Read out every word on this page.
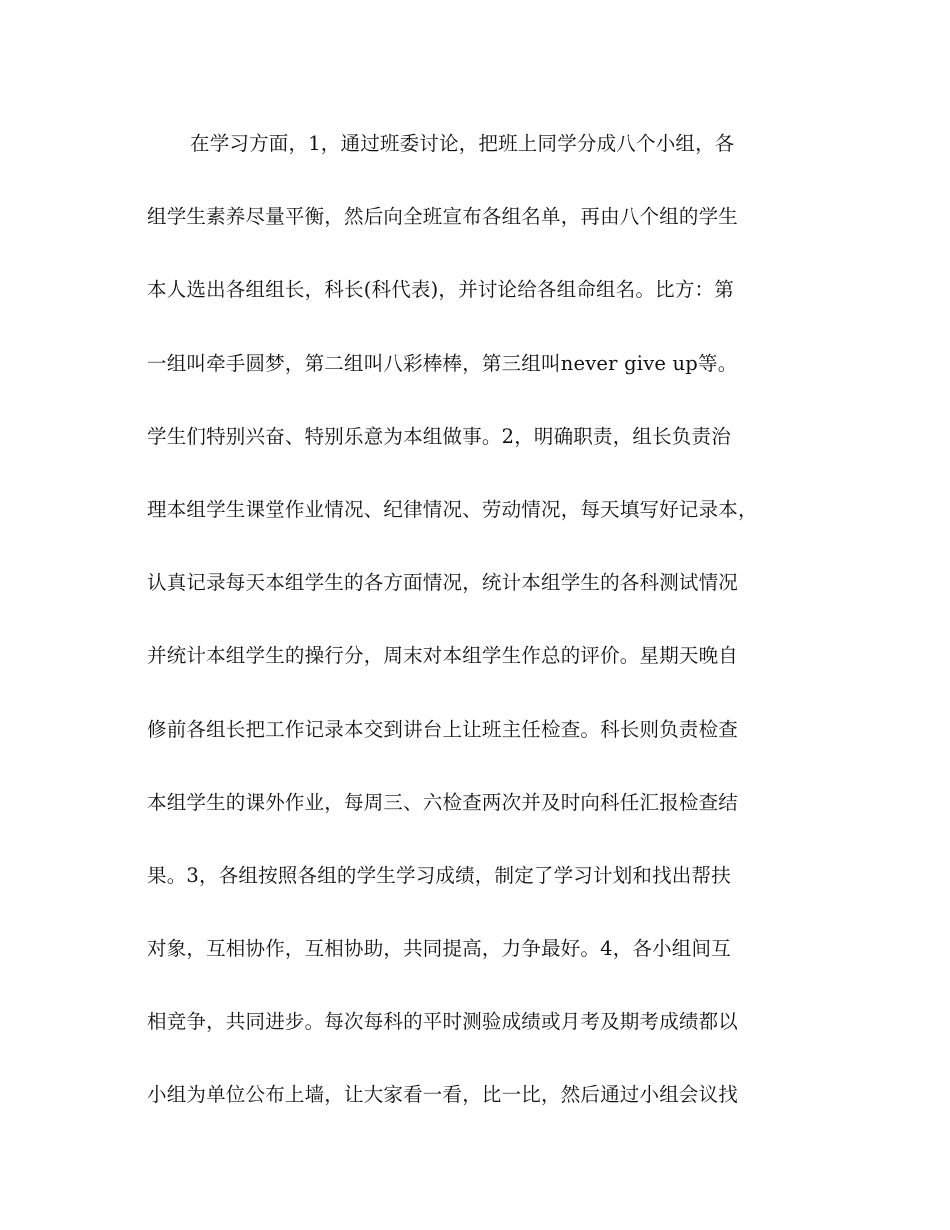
在学习方面，1，通过班委讨论，把班上同学分成八个小组，各
组学生素养尽量平衡，然后向全班宣布各组名单，再由八个组的学生
本人选出各组组长，科长(科代表)，并讨论给各组命组名。比方：第
一组叫牵手圆梦，第二组叫八彩棒棒，第三组叫never give up等。
学生们特别兴奋、特别乐意为本组做事。2，明确职责，组长负责治
理本组学生课堂作业情况、纪律情况、劳动情况，每天填写好记录本，
认真记录每天本组学生的各方面情况，统计本组学生的各科测试情况
并统计本组学生的操行分，周末对本组学生作总的评价。星期天晚自
修前各组长把工作记录本交到讲台上让班主任检查。科长则负责检查
本组学生的课外作业，每周三、六检查两次并及时向科任汇报检查结
果。3，各组按照各组的学生学习成绩，制定了学习计划和找出帮扶
对象，互相协作，互相协助，共同提高，力争最好。4，各小组间互
相竞争，共同进步。每次每科的平时测验成绩或月考及期考成绩都以
小组为单位公布上墙，让大家看一看，比一比，然后通过小组会议找
